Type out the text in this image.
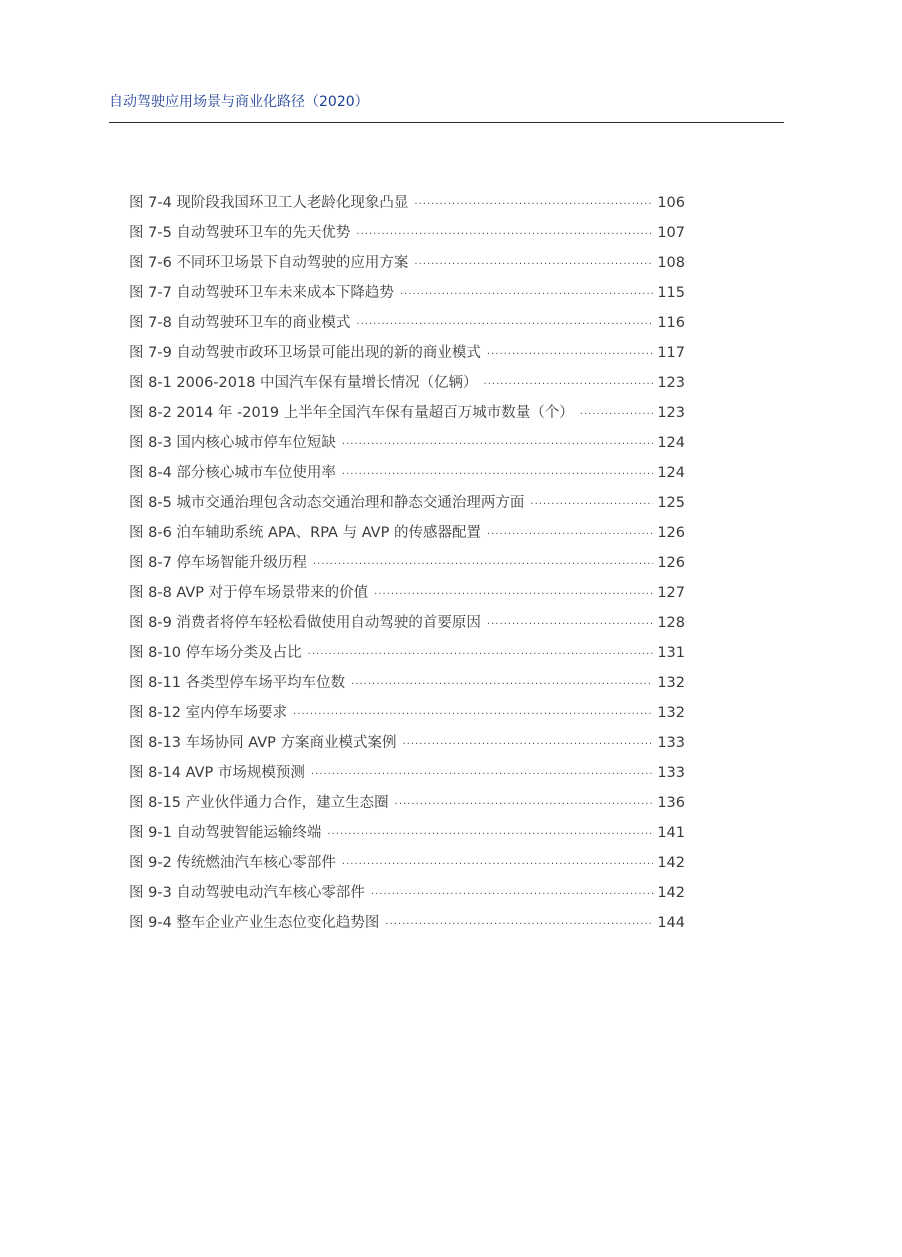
自动驾驶应用场景与商业化路径（2020）
图 7-4 现阶段我国环卫工人老龄化现象凸显 ·····	106
图 7-5 自动驾驶环卫车的先天优势 ·····	107
图 7-6 不同环卫场景下自动驾驶的应用方案 ·····	108
图 7-7 自动驾驶环卫车未来成本下降趋势 ·····	115
图 7-8 自动驾驶环卫车的商业模式 ·····	116
图 7-9 自动驾驶市政环卫场景可能出现的新的商业模式 ·····	117
图 8-1 2006-2018 中国汽车保有量增长情况（亿辆） ·····	123
图 8-2 2014 年 -2019 上半年全国汽车保有量超百万城市数量（个） ·····	123
图 8-3 国内核心城市停车位短缺 ·····	124
图 8-4 部分核心城市车位使用率 ·····	124
图 8-5 城市交通治理包含动态交通治理和静态交通治理两方面 ·····	125
图 8-6 泊车辅助系统 APA、RPA 与 AVP 的传感器配置 ·····	126
图 8-7 停车场智能升级历程 ·····	126
图 8-8 AVP 对于停车场景带来的价值 ·····	127
图 8-9 消费者将停车轻松看做使用自动驾驶的首要原因 ·····	128
图 8-10 停车场分类及占比 ·····	131
图 8-11 各类型停车场平均车位数 ·····	132
图 8-12 室内停车场要求 ·····	132
图 8-13 车场协同 AVP 方案商业模式案例 ·····	133
图 8-14 AVP 市场规模预测 ·····	133
图 8-15 产业伙伴通力合作，建立生态圈 ·····	136
图 9-1 自动驾驶智能运输终端 ·····	141
图 9-2 传统燃油汽车核心零部件 ·····	142
图 9-3 自动驾驶电动汽车核心零部件 ·····	142
图 9-4 整车企业产业生态位变化趋势图 ·····	144
